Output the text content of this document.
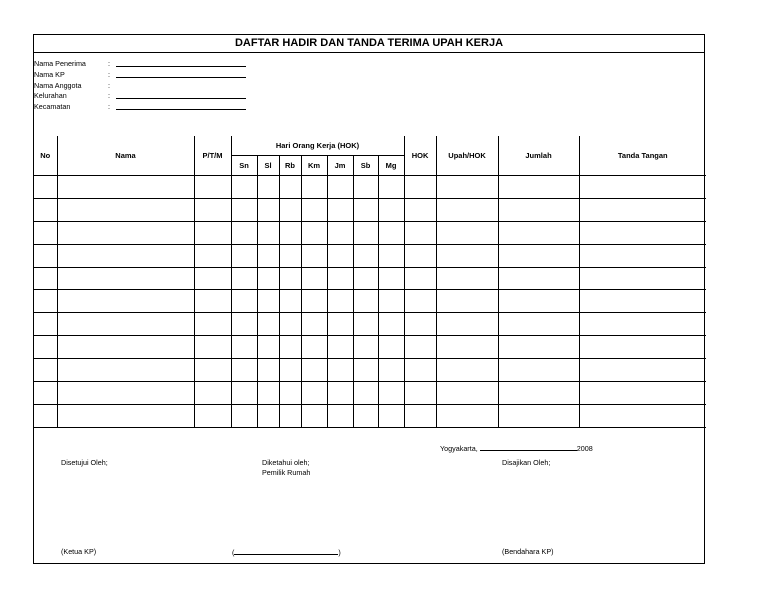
DAFTAR HADIR DAN TANDA TERIMA UPAH KERJA
Nama Penerima	:
Nama KP	:
Nama Anggota	:
Kelurahan	:
Kecamatan	:
No	Nama	P/T/M	Hari Orang Kerja (HOK)							HOK	Upah/HOK	Jumlah	Tanda Tangan
			Sn	Sl	Rb	Km	Jm	Sb	Mg				

Disetujui Oleh;	Diketahui oleh;
Pemilik Rumah
Yogyakarta,	2008
Disajikan Oleh;
(Ketua KP)	(	)	(Bendahara KP)
